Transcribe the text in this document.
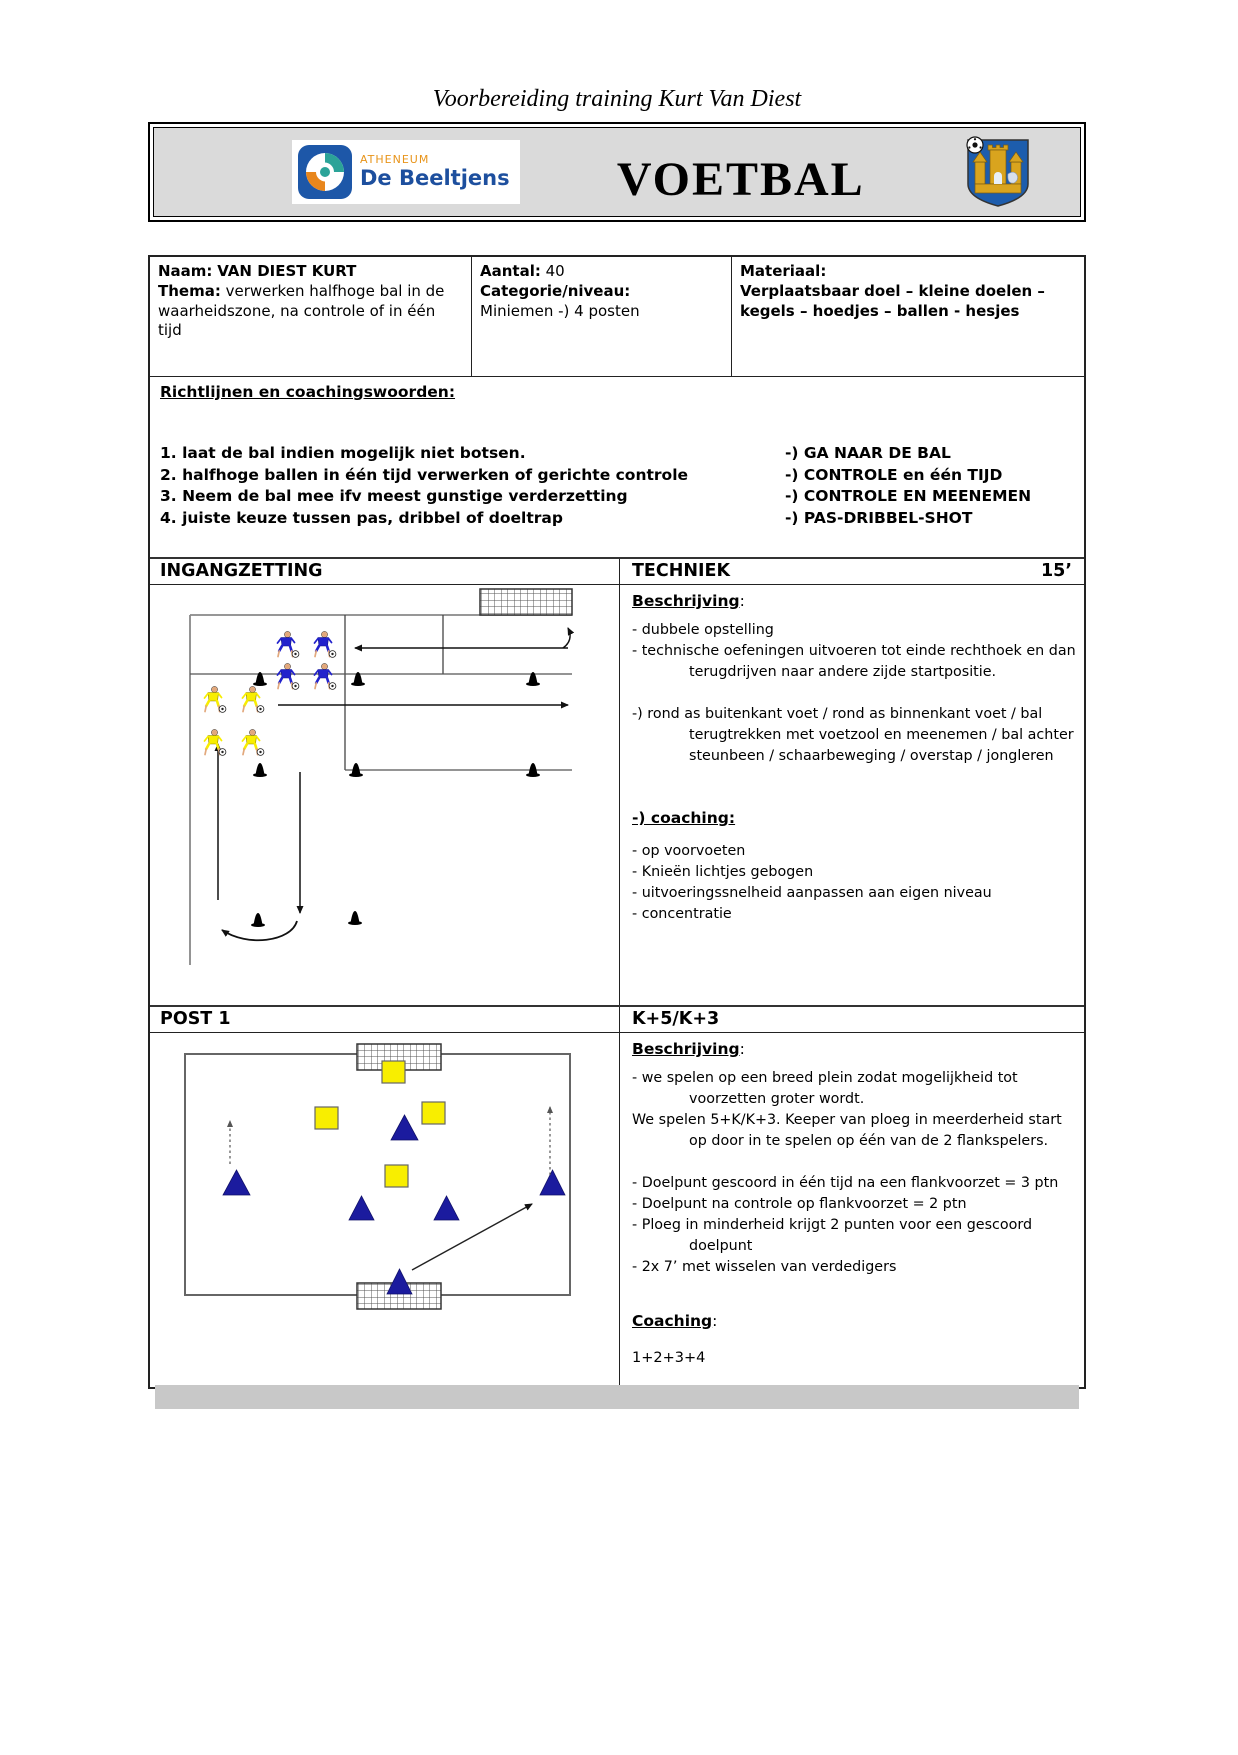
Voorbereiding training Kurt Van Diest
ATHENEUM
De Beeltjens	VOETBAL
Naam: VAN DIEST KURT
Thema: verwerken halfhoge bal in de waarheidszone, na controle of in één tijd
Aantal: 40
Categorie/niveau:
Miniemen -) 4 posten
Materiaal:
Verplaatsbaar doel – kleine doelen – kegels – hoedjes – ballen - hesjes
Richtlijnen en coachingswoorden:
1. laat de bal indien mogelijk niet botsen.	-) GA NAAR DE BAL
2. halfhoge ballen in één tijd verwerken of gerichte controle	-) CONTROLE en één TIJD
3. Neem de bal mee ifv meest gunstige verderzetting	-) CONTROLE EN MEENEMEN
4. juiste keuze tussen pas, dribbel of doeltrap	-) PAS-DRIBBEL-SHOT
INGANGZETTING	TECHNIEK	15’
Beschrijving:
- dubbele opstelling
- technische oefeningen uitvoeren tot einde rechthoek en dan
terugdrijven naar andere zijde startpositie.
-) rond as buitenkant voet / rond as binnenkant voet / bal
terugtrekken met voetzool en meenemen / bal achter
steunbeen / schaarbeweging / overstap / jongleren
-) coaching:
- op voorvoeten
- Knieën lichtjes gebogen
- uitvoeringssnelheid aanpassen aan eigen niveau
- concentratie
POST 1	K+5/K+3
Beschrijving:
- we spelen op een breed plein zodat mogelijkheid tot
voorzetten groter wordt.
We spelen 5+K/K+3. Keeper van ploeg in meerderheid start
op door in te spelen op één van de 2 flankspelers.
- Doelpunt gescoord in één tijd na een flankvoorzet = 3 ptn
- Doelpunt na controle op flankvoorzet = 2 ptn
- Ploeg in minderheid krijgt 2 punten voor een gescoord
doelpunt
- 2x 7’ met wisselen van verdedigers
Coaching:
1+2+3+4
